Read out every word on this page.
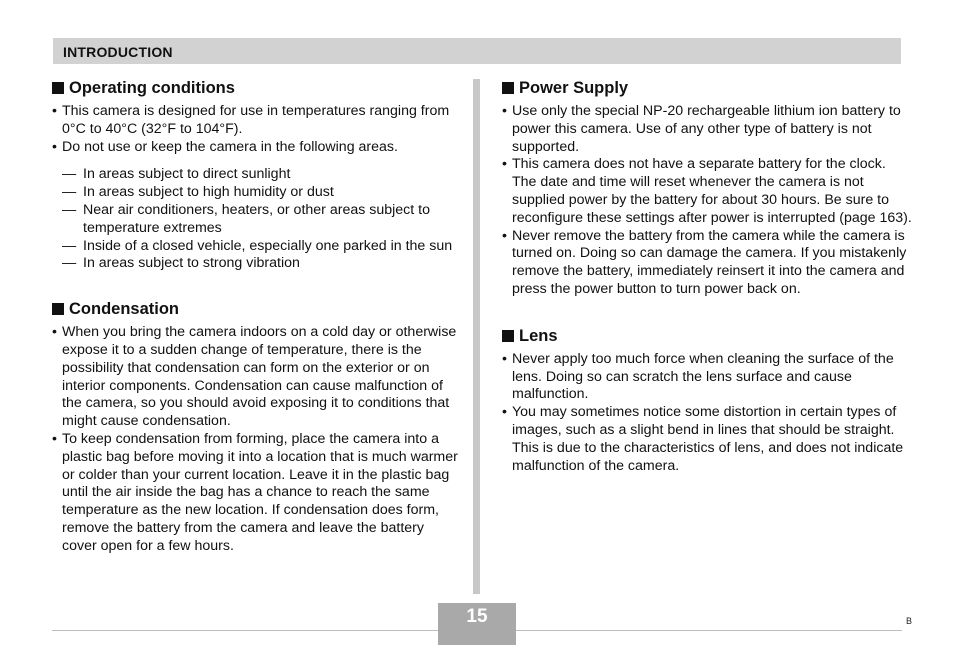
INTRODUCTION
Operating conditions
• This camera is designed for use in temperatures ranging from 0°C to 40°C (32°F to 104°F).
• Do not use or keep the camera in the following areas.
— In areas subject to direct sunlight
— In areas subject to high humidity or dust
— Near air conditioners, heaters, or other areas subject to temperature extremes
— Inside of a closed vehicle, especially one parked in the sun
— In areas subject to strong vibration
Condensation
• When you bring the camera indoors on a cold day or otherwise expose it to a sudden change of temperature, there is the possibility that condensation can form on the exterior or on interior components. Condensation can cause malfunction of the camera, so you should avoid exposing it to conditions that might cause condensation.
• To keep condensation from forming, place the camera into a plastic bag before moving it into a location that is much warmer or colder than your current location. Leave it in the plastic bag until the air inside the bag has a chance to reach the same temperature as the new location. If condensation does form, remove the battery from the camera and leave the battery cover open for a few hours.
Power Supply
• Use only the special NP-20 rechargeable lithium ion battery to power this camera. Use of any other type of battery is not supported.
• This camera does not have a separate battery for the clock. The date and time will reset whenever the camera is not supplied power by the battery for about 30 hours. Be sure to reconfigure these settings after power is interrupted (page 163).
• Never remove the battery from the camera while the camera is turned on. Doing so can damage the camera. If you mistakenly remove the battery, immediately reinsert it into the camera and press the power button to turn power back on.
Lens
• Never apply too much force when cleaning the surface of the lens. Doing so can scratch the lens surface and cause malfunction.
• You may sometimes notice some distortion in certain types of images, such as a slight bend in lines that should be straight. This is due to the characteristics of lens, and does not indicate malfunction of the camera.
15	B
